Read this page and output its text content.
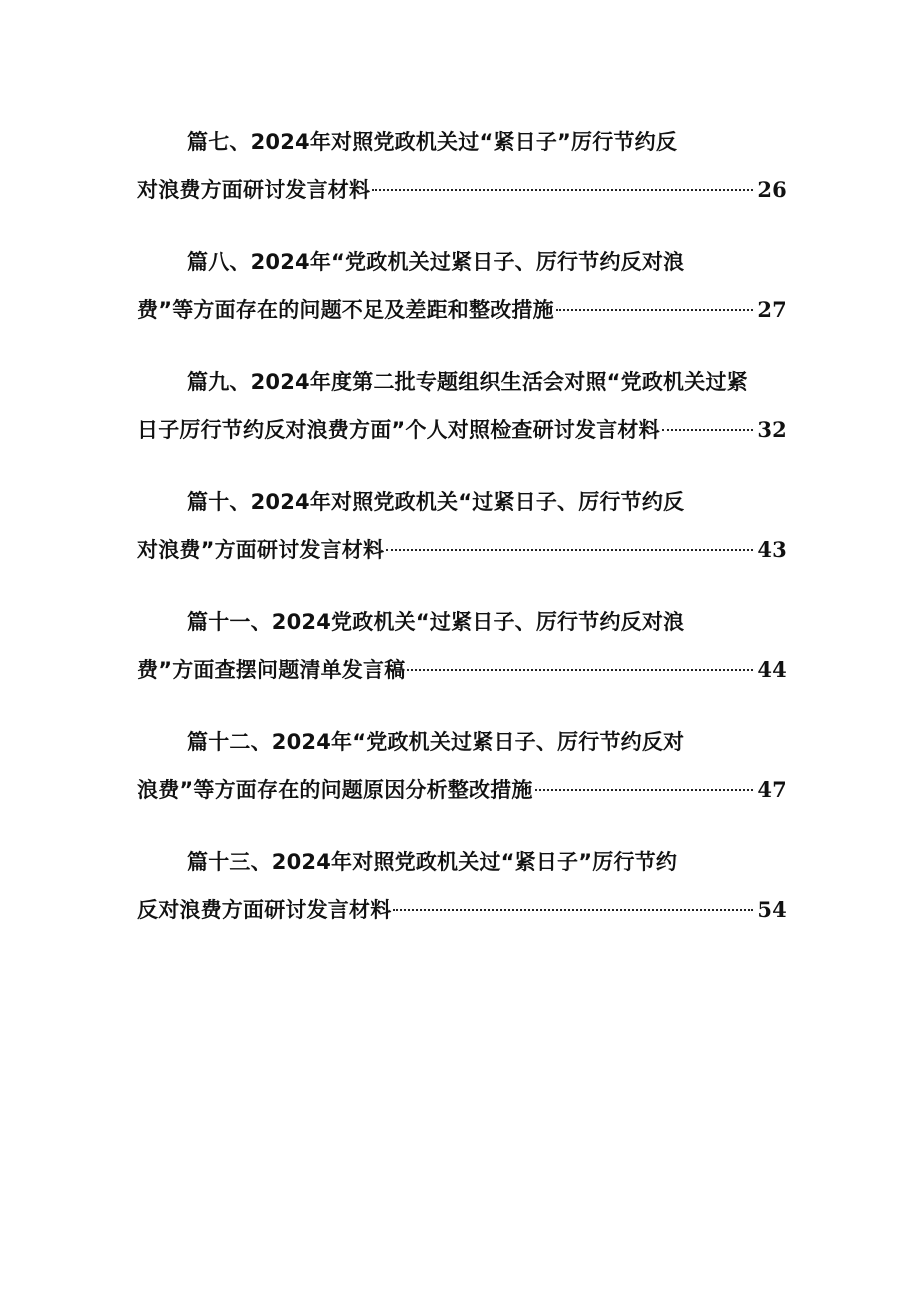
篇七、2024年对照党政机关过“紧日子”厉行节约反
对浪费方面研讨发言材料	26
篇八、2024年“党政机关过紧日子、厉行节约反对浪
费”等方面存在的问题不足及差距和整改措施	27
篇九、2024年度第二批专题组织生活会对照“党政机关过紧
日子厉行节约反对浪费方面”个人对照检查研讨发言材料	32
篇十、2024年对照党政机关“过紧日子、厉行节约反
对浪费”方面研讨发言材料	43
篇十一、2024党政机关“过紧日子、厉行节约反对浪
费”方面查摆问题清单发言稿	44
篇十二、2024年“党政机关过紧日子、厉行节约反对
浪费”等方面存在的问题原因分析整改措施	47
篇十三、2024年对照党政机关过“紧日子”厉行节约
反对浪费方面研讨发言材料	54
